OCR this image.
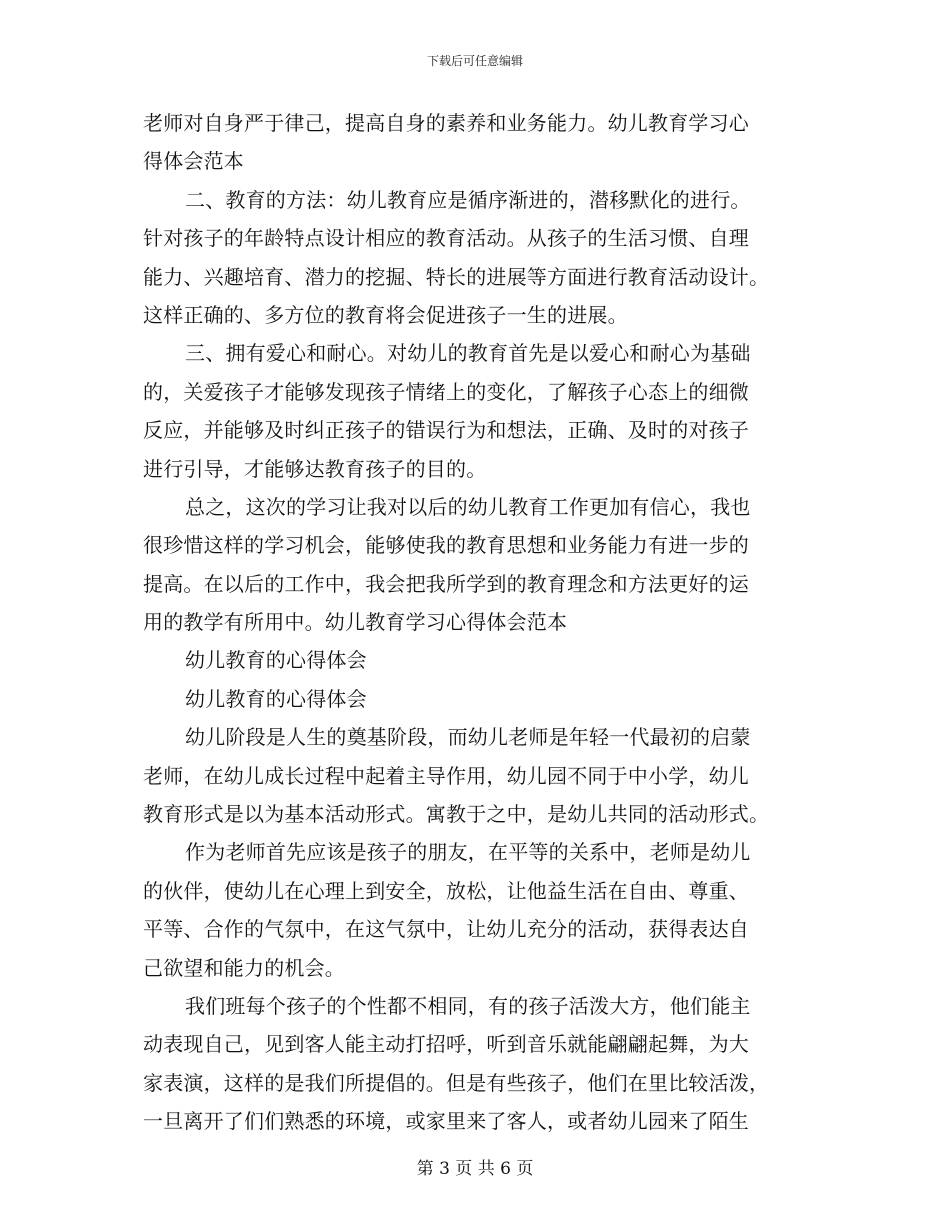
下载后可任意编辑
老师对自身严于律己，提高自身的素养和业务能力。幼儿教育学习心
得体会范本
二、教育的方法：幼儿教育应是循序渐进的，潜移默化的进行。
针对孩子的年龄特点设计相应的教育活动。从孩子的生活习惯、自理
能力、兴趣培育、潜力的挖掘、特长的进展等方面进行教育活动设计。
这样正确的、多方位的教育将会促进孩子一生的进展。
三、拥有爱心和耐心。对幼儿的教育首先是以爱心和耐心为基础
的，关爱孩子才能够发现孩子情绪上的变化，了解孩子心态上的细微
反应，并能够及时纠正孩子的错误行为和想法，正确、及时的对孩子
进行引导，才能够达教育孩子的目的。
总之，这次的学习让我对以后的幼儿教育工作更加有信心，我也
很珍惜这样的学习机会，能够使我的教育思想和业务能力有进一步的
提高。在以后的工作中，我会把我所学到的教育理念和方法更好的运
用的教学有所用中。幼儿教育学习心得体会范本
幼儿教育的心得体会
幼儿教育的心得体会
幼儿阶段是人生的奠基阶段，而幼儿老师是年轻一代最初的启蒙
老师，在幼儿成长过程中起着主导作用，幼儿园不同于中小学，幼儿
教育形式是以为基本活动形式。寓教于之中，是幼儿共同的活动形式。
作为老师首先应该是孩子的朋友，在平等的关系中，老师是幼儿
的伙伴，使幼儿在心理上到安全，放松，让他益生活在自由、尊重、
平等、合作的气氛中，在这气氛中，让幼儿充分的活动，获得表达自
己欲望和能力的机会。
我们班每个孩子的个性都不相同，有的孩子活泼大方，他们能主
动表现自己，见到客人能主动打招呼，听到音乐就能翩翩起舞，为大
家表演，这样的是我们所提倡的。但是有些孩子，他们在里比较活泼，
一旦离开了们们熟悉的环境，或家里来了客人，或者幼儿园来了陌生
第 3 页 共 6 页
